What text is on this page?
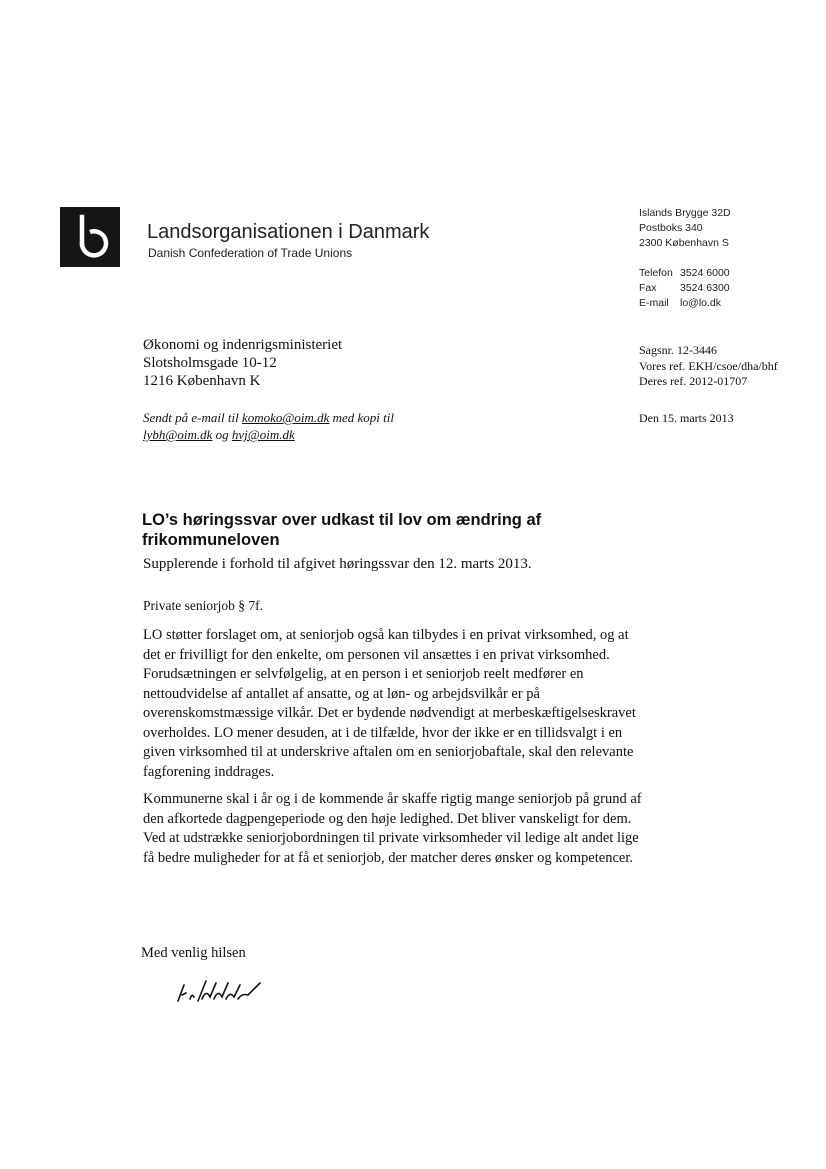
Landsorganisationen i Danmark
Danish Confederation of Trade Unions
Islands Brygge 32D
Postboks 340
2300 København S
Telefon 3524 6000
Fax 3524 6300
E-mail lo@lo.dk
Økonomi og indenrigsministeriet
Slotsholmsgade 10-12
1216 København K
Sendt på e-mail til komoko@oim.dk med kopi til
lybh@oim.dk og hvj@oim.dk
Sagsnr. 12-3446
Vores ref. EKH/csoe/dha/bhf
Deres ref. 2012-01707
Den 15. marts 2013
LO’s høringssvar over udkast til lov om ændring af
frikommuneloven
Supplerende i forhold til afgivet høringssvar den 12. marts 2013.
Private seniorjob § 7f.
LO støtter forslaget om, at seniorjob også kan tilbydes i en privat virksomhed, og at
det er frivilligt for den enkelte, om personen vil ansættes i en privat virksomhed.
Forudsætningen er selvfølgelig, at en person i et seniorjob reelt medfører en
nettoudvidelse af antallet af ansatte, og at løn- og arbejdsvilkår er på
overenskomstmæssige vilkår. Det er bydende nødvendigt at merbeskæftigelseskravet
overholdes. LO mener desuden, at i de tilfælde, hvor der ikke er en tillidsvalgt i en
given virksomhed til at underskrive aftalen om en seniorjobaftale, skal den relevante
fagforening inddrages.
Kommunerne skal i år og i de kommende år skaffe rigtig mange seniorjob på grund af
den afkortede dagpengeperiode og den høje ledighed. Det bliver vanskeligt for dem.
Ved at udstrække seniorjobordningen til private virksomheder vil ledige alt andet lige
få bedre muligheder for at få et seniorjob, der matcher deres ønsker og kompetencer.
Med venlig hilsen
